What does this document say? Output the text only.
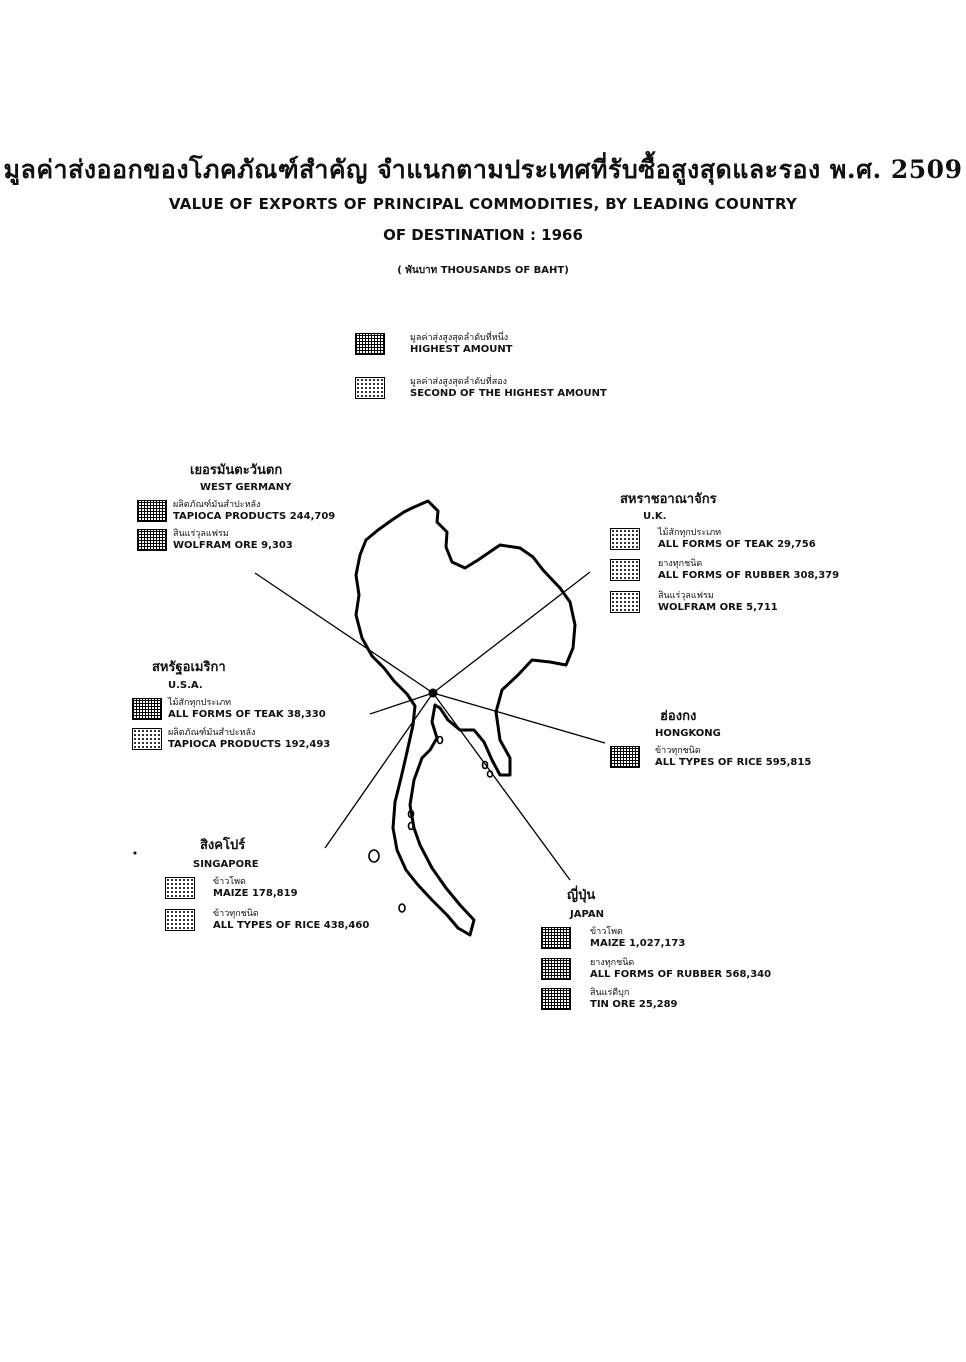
มูลค่าส่งออกของโภคภัณฑ์สำคัญ จำแนกตามประเทศที่รับซื้อสูงสุดและรอง พ.ศ. 2509
VALUE OF EXPORTS OF PRINCIPAL COMMODITIES, BY LEADING COUNTRY
OF DESTINATION : 1966
( พันบาท THOUSANDS OF BAHT)
มูลค่าส่งสูงสุดลำดับที่หนึ่ง
HIGHEST AMOUNT
มูลค่าส่งสูงสุดลำดับที่สอง
SECOND OF THE HIGHEST AMOUNT
เยอรมันตะวันตก
WEST GERMANY
ผลิตภัณฑ์มันสำปะหลัง
TAPIOCA PRODUCTS 244,709
สินแร่วุลแฟรม
WOLFRAM ORE 9,303
สหราชอาณาจักร
U.K.
ไม้สักทุกประเภท
ALL FORMS OF TEAK 29,756
ยางทุกชนิด
ALL FORMS OF RUBBER 308,379
สินแร่วุลแฟรม
WOLFRAM ORE 5,711
สหรัฐอเมริกา
U.S.A.
ไม้สักทุกประเภท
ALL FORMS OF TEAK 38,330
ผลิตภัณฑ์มันสำปะหลัง
TAPIOCA PRODUCTS 192,493
ฮ่องกง
HONGKONG
ข้าวทุกชนิด
ALL TYPES OF RICE 595,815
สิงคโปร์
SINGAPORE
ข้าวโพด
MAIZE 178,819
ข้าวทุกชนิด
ALL TYPES OF RICE 438,460
ญี่ปุ่น
JAPAN
ข้าวโพด
MAIZE 1,027,173
ยางทุกชนิด
ALL FORMS OF RUBBER 568,340
สินแร่ดีบุก
TIN ORE 25,289
